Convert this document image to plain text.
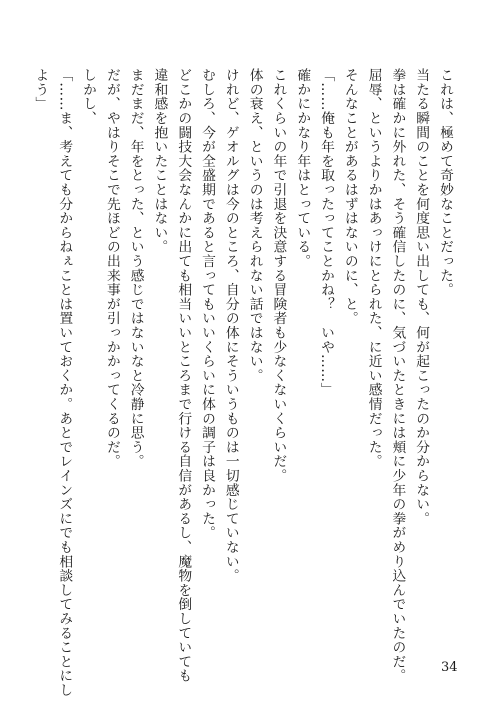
これは、極めて奇妙なことだった。
当たる瞬間のことを何度思い出しても、何が起こったのか分からない。
拳は確かに外れた、そう確信したのに、気づいたときには頬に少年の拳がめり込んでいたのだ。
屈辱、というよりかはあっけにとられた、に近い感情だった。
そんなことがあるはずはないのに、と。
「……俺も年を取ったってことかね？　いや……」
確かにかなり年はとっている。
これくらいの年で引退を決意する冒険者も少なくないくらいだ。
体の衰え、というのは考えられない話ではない。
けれど、ゲオルグは今のところ、自分の体にそういうものは一切感じていない。
むしろ、今が全盛期であると言ってもいいくらいに体の調子は良かった。
どこかの闘技大会なんかに出ても相当いいところまで行ける自信があるし、魔物を倒していても
違和感を抱いたことはない。
まだまだ、年をとった、という感じではないなと冷静に思う。
だが、やはりそこで先ほどの出来事が引っかかってくるのだ。
しかし、
「……ま、考えても分からねぇことは置いておくか。あとでレインズにでも相談してみることにし
よう」
34
